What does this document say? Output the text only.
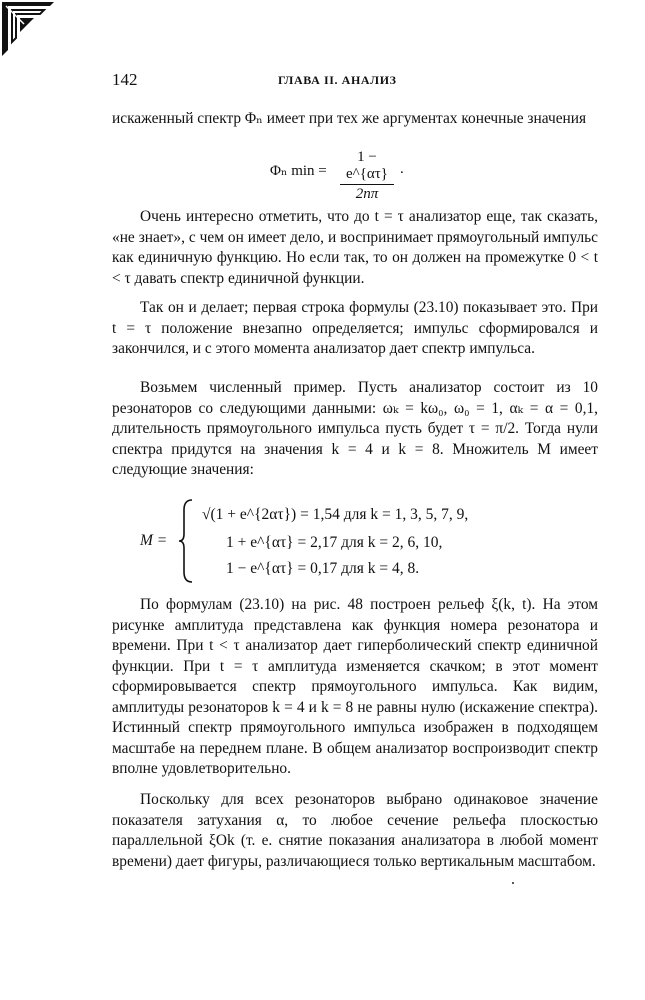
142	ГЛАВА II. АНАЛИЗ

искаженный спектр Φₙ имеет при тех же аргументах конечные значения

Φₙ $\min = \frac{1 - e\^{}\{\alpha\tau\}}{2n\pi}$ .

Очень интересно отметить, что до t = τ анализатор еще, так сказать, «не знает», с чем он имеет дело, и воспринимает прямоугольный импульс как единичную функцию. Но если так, то он должен на промежутке 0 < t < τ давать спектр единичной функции.

Так он и делает; первая строка формулы (23.10) показывает это. При t = τ положение внезапно определяется; импульс сформировался и закончился, и с этого момента анализатор дает спектр импульса.

Возьмем численный пример. Пусть анализатор состоит из 10 резонаторов со следующими данными: ωₖ = kω₀, ω₀ = 1, αₖ = α = 0,1, длительность прямоугольного импульса пусть будет τ = π/2. Тогда нули спектра придутся на значения k = 4 и k = 8. Множитель M имеет следующие значения:

M =
√(1 + e^{2ατ}) = 1,54 для k = 1, 3, 5, 7, 9,
1 + e^{ατ} = 2,17 для k = 2, 6, 10,
1 − e^{ατ} = 0,17 для k = 4, 8.

По формулам (23.10) на рис. 48 построен рельеф ξ(k, t). На этом рисунке амплитуда представлена как функция номера резонатора и времени. При t < τ анализатор дает гиперболический спектр единичной функции. При t = τ амплитуда изменяется скачком; в этот момент сформировывается спектр прямоугольного импульса. Как видим, амплитуды резонаторов k = 4 и k = 8 не равны нулю (искажение спектра). Истинный спектр прямоугольного импульса изображен в подходящем масштабе на переднем плане. В общем анализатор воспроизводит спектр вполне удовлетворительно.

Поскольку для всех резонаторов выбрано одинаковое значение показателя затухания α, то любое сечение рельефа плоскостью параллельной ξOk (т. е. снятие показания анализатора в любой момент времени) дает фигуры, различающиеся только вертикальным масштабом.
